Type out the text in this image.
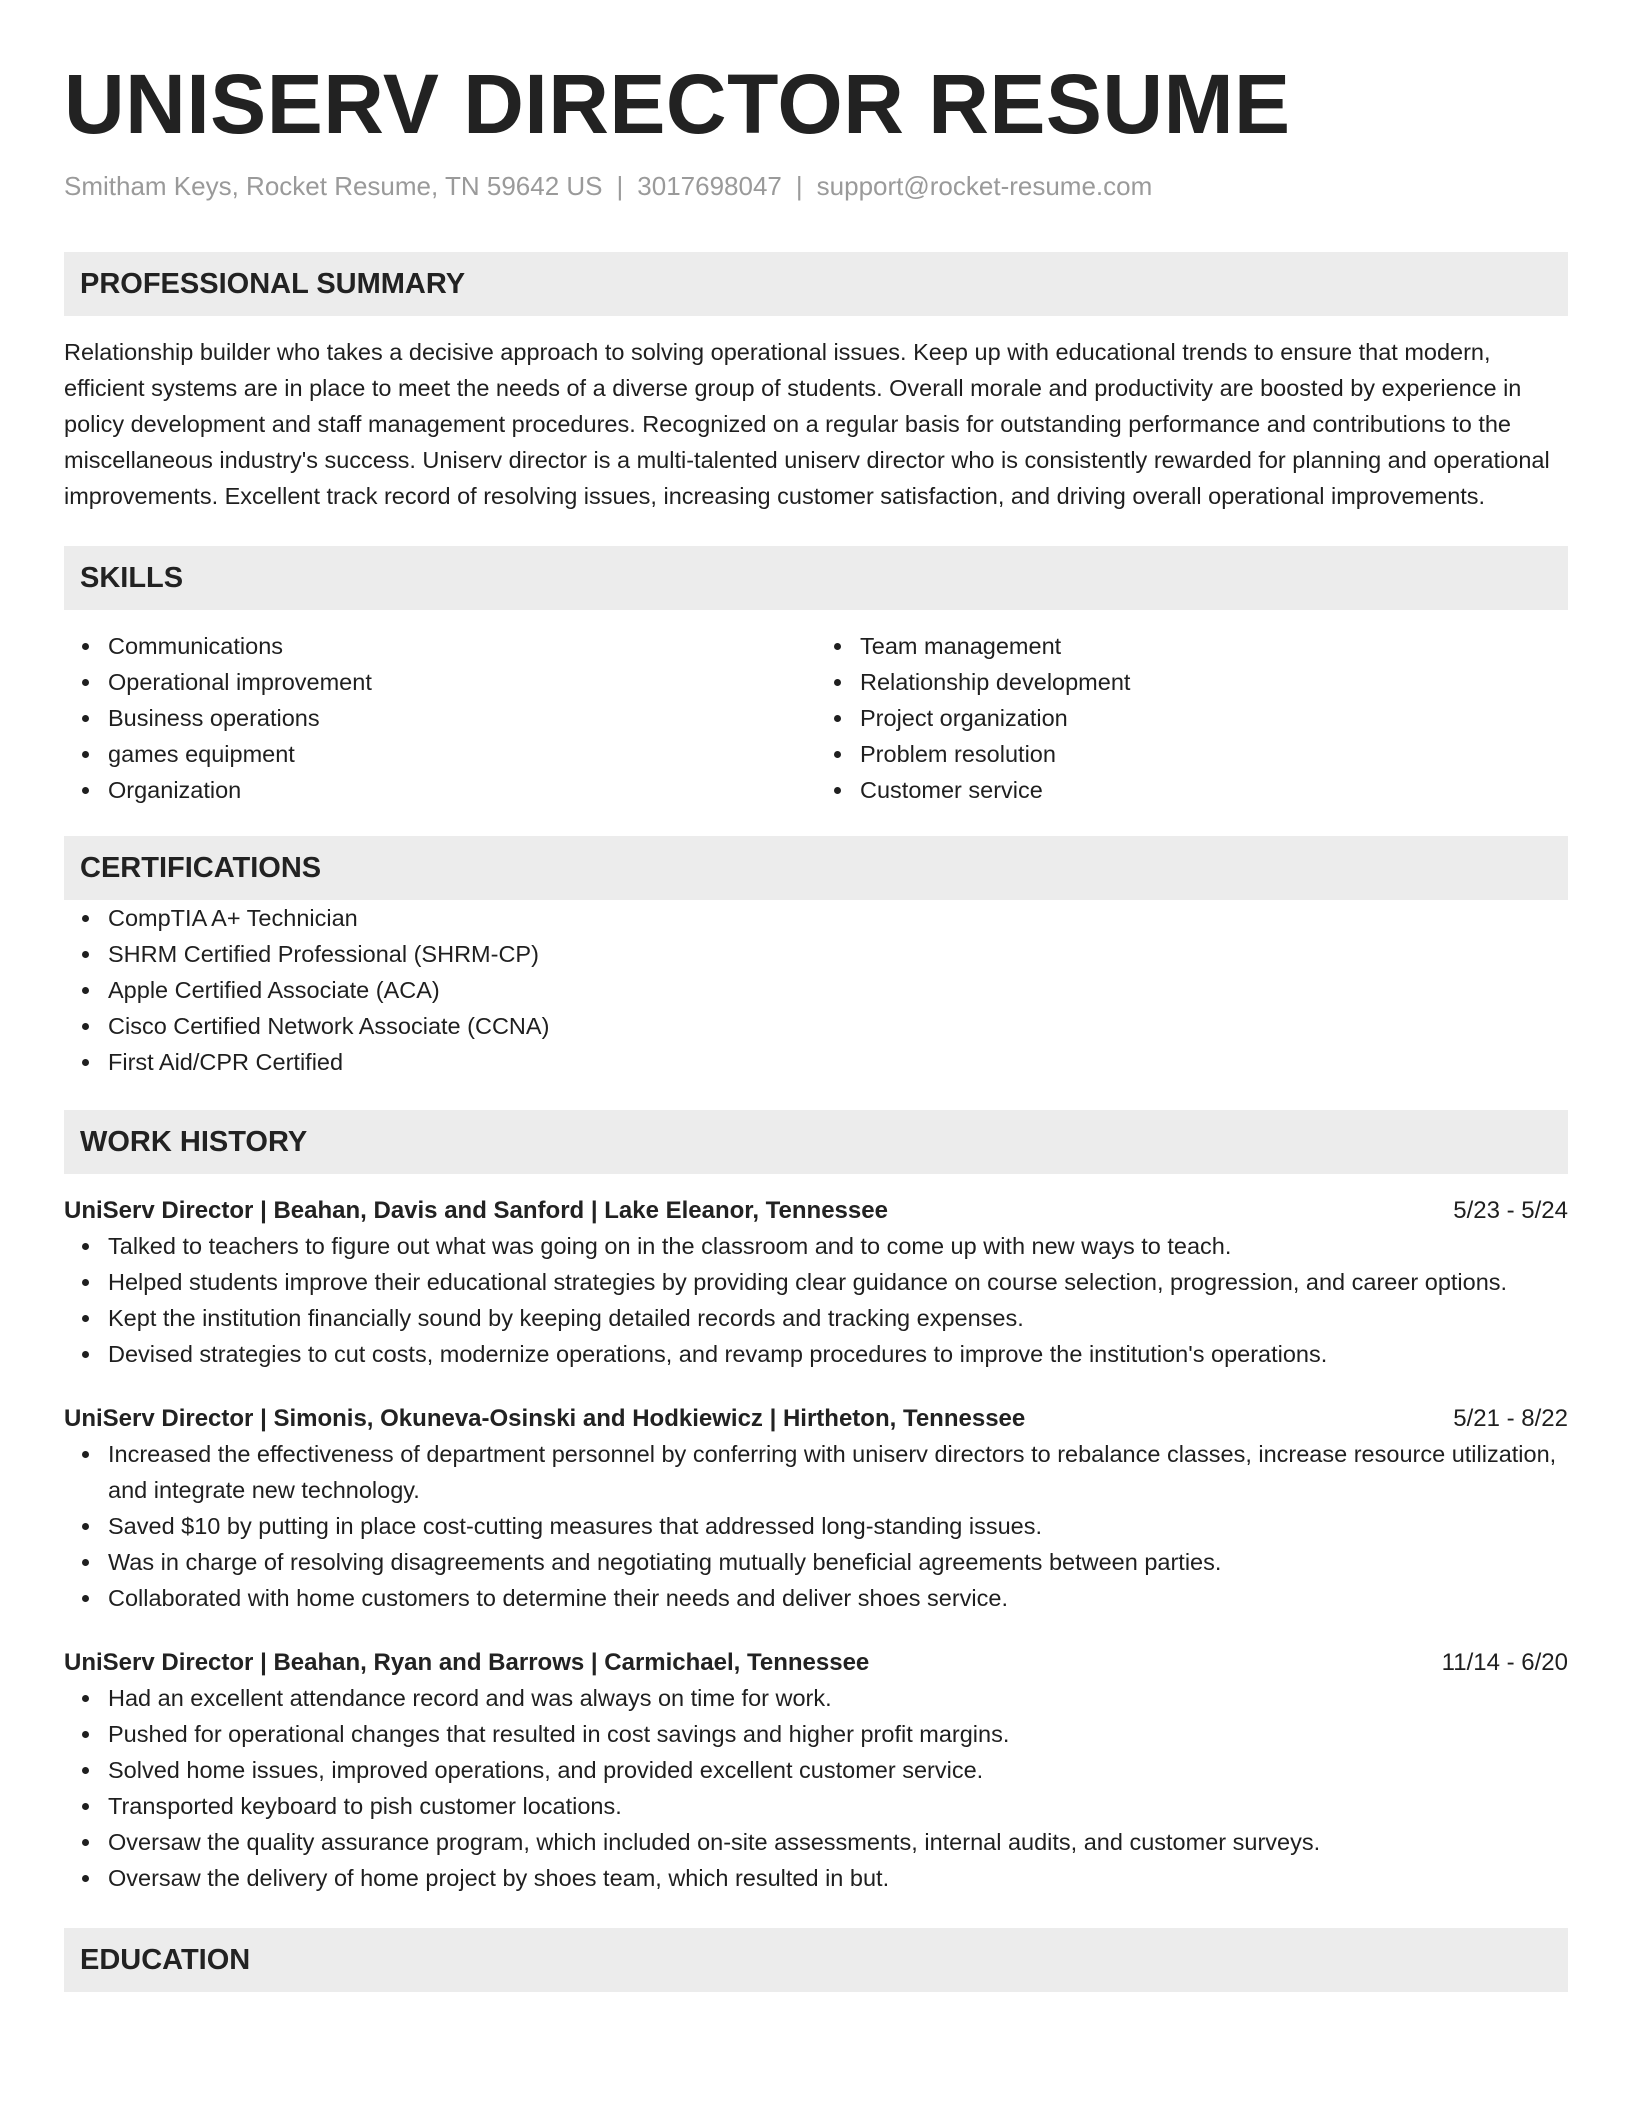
UNISERV DIRECTOR RESUME
Smitham Keys, Rocket Resume, TN 59642 US | 3017698047 | support@rocket-resume.com
PROFESSIONAL SUMMARY
Relationship builder who takes a decisive approach to solving operational issues. Keep up with educational trends to ensure that modern, efficient systems are in place to meet the needs of a diverse group of students. Overall morale and productivity are boosted by experience in policy development and staff management procedures. Recognized on a regular basis for outstanding performance and contributions to the miscellaneous industry's success. Uniserv director is a multi-talented uniserv director who is consistently rewarded for planning and operational improvements. Excellent track record of resolving issues, increasing customer satisfaction, and driving overall operational improvements.
SKILLS
Communications
Operational improvement
Business operations
games equipment
Organization
Team management
Relationship development
Project organization
Problem resolution
Customer service
CERTIFICATIONS
CompTIA A+ Technician
SHRM Certified Professional (SHRM-CP)
Apple Certified Associate (ACA)
Cisco Certified Network Associate (CCNA)
First Aid/CPR Certified
WORK HISTORY
UniServ Director | Beahan, Davis and Sanford | Lake Eleanor, Tennessee	5/23 - 5/24
Talked to teachers to figure out what was going on in the classroom and to come up with new ways to teach.
Helped students improve their educational strategies by providing clear guidance on course selection, progression, and career options.
Kept the institution financially sound by keeping detailed records and tracking expenses.
Devised strategies to cut costs, modernize operations, and revamp procedures to improve the institution's operations.
UniServ Director | Simonis, Okuneva-Osinski and Hodkiewicz | Hirtheton, Tennessee	5/21 - 8/22
Increased the effectiveness of department personnel by conferring with uniserv directors to rebalance classes, increase resource utilization, and integrate new technology.
Saved $10 by putting in place cost-cutting measures that addressed long-standing issues.
Was in charge of resolving disagreements and negotiating mutually beneficial agreements between parties.
Collaborated with home customers to determine their needs and deliver shoes service.
UniServ Director | Beahan, Ryan and Barrows | Carmichael, Tennessee	11/14 - 6/20
Had an excellent attendance record and was always on time for work.
Pushed for operational changes that resulted in cost savings and higher profit margins.
Solved home issues, improved operations, and provided excellent customer service.
Transported keyboard to pish customer locations.
Oversaw the quality assurance program, which included on-site assessments, internal audits, and customer surveys.
Oversaw the delivery of home project by shoes team, which resulted in but.
EDUCATION
